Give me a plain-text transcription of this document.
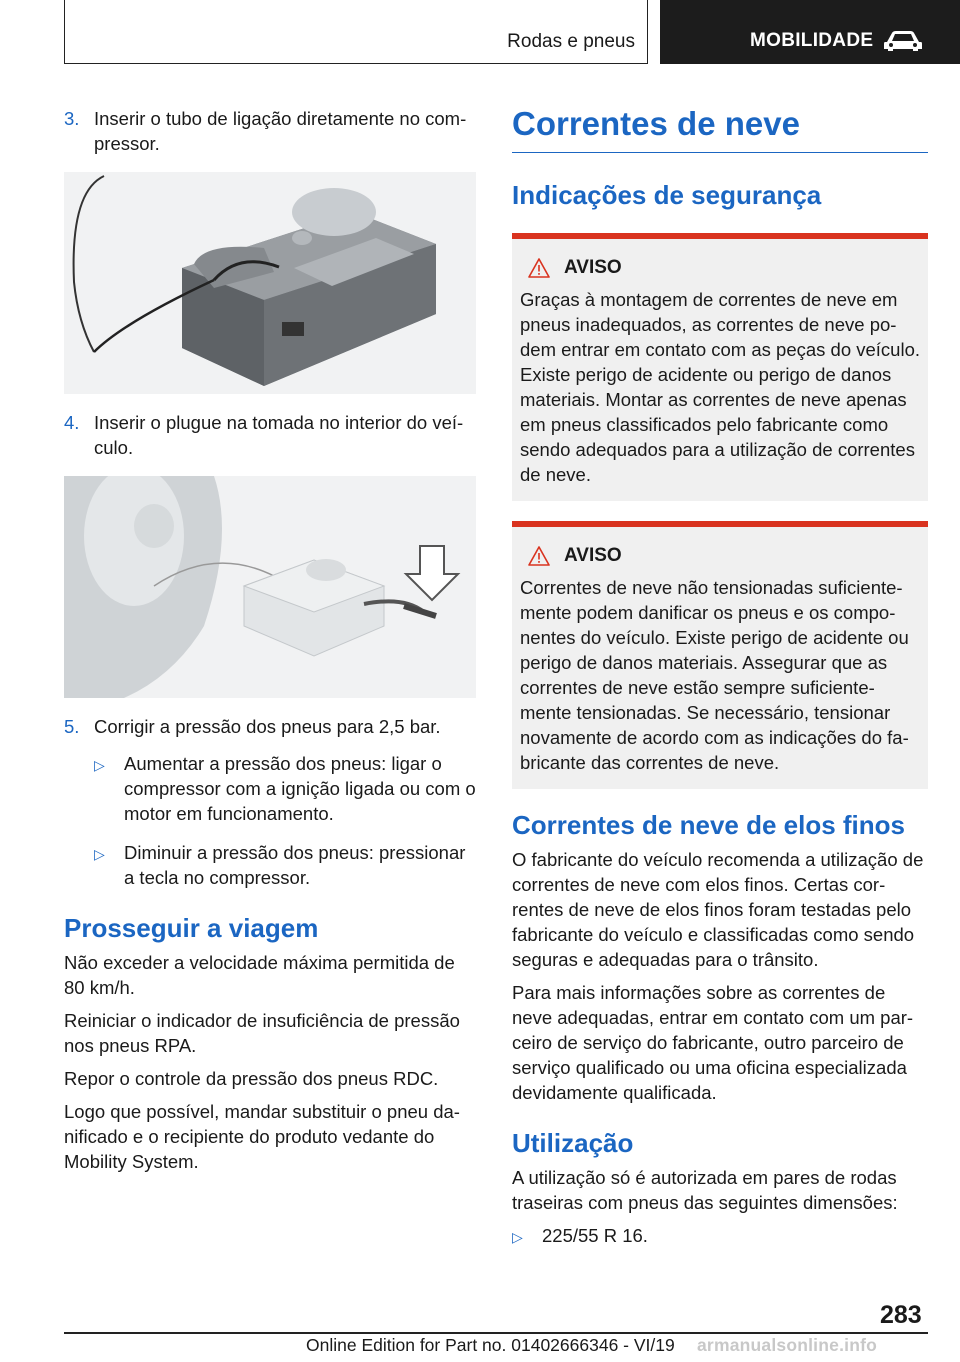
Rodas e pneus	MOBILIDADE
3. Inserir o tubo de ligação diretamente no compressor.
4. Inserir o plugue na tomada no interior do veículo.
5. Corrigir a pressão dos pneus para 2,5 bar.
▷ Aumentar a pressão dos pneus: ligar o compressor com a ignição ligada ou com o motor em funcionamento.
▷ Diminuir a pressão dos pneus: pressionar a tecla no compressor.
Prosseguir a viagem

Não exceder a velocidade máxima permitida de 80 km/h.

Reiniciar o indicador de insuficiência de pressão nos pneus RPA.

Repor o controle da pressão dos pneus RDC.

Logo que possível, mandar substituir o pneu danificado e o recipiente do produto vedante do Mobility System.

Correntes de neve
Indicações de segurança
AVISO
Graças à montagem de correntes de neve em pneus inadequados, as correntes de neve podem entrar em contato com as peças do veículo. Existe perigo de acidente ou perigo de danos materiais. Montar as correntes de neve apenas em pneus classificados pelo fabricante como sendo adequados para a utilização de correntes de neve.
AVISO
Correntes de neve não tensionadas suficientemente podem danificar os pneus e os componentes do veículo. Existe perigo de acidente ou perigo de danos materiais. Assegurar que as correntes de neve estão sempre suficientemente tensionadas. Se necessário, tensionar novamente de acordo com as indicações do fabricante das correntes de neve.
Correntes de neve de elos finos

O fabricante do veículo recomenda a utilização de correntes de neve com elos finos. Certas correntes de neve de elos finos foram testadas pelo fabricante do veículo e classificadas como sendo seguras e adequadas para o trânsito.

Para mais informações sobre as correntes de neve adequadas, entrar em contato com um parceiro de serviço do fabricante, outro parceiro de serviço qualificado ou uma oficina especializada devidamente qualificada.

Utilização

A utilização só é autorizada em pares de rodas traseiras com pneus das seguintes dimensões:

▷ 225/55 R 16.
283
Online Edition for Part no. 01402666346 - VI/19 armanualsonline.info
